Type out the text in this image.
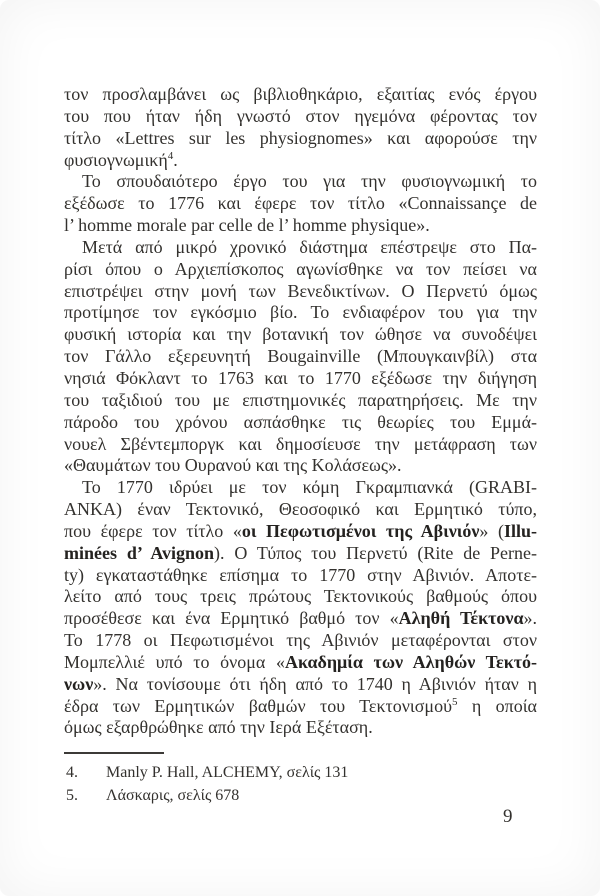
τον προσλαμβάνει ως βιβλιοθηκάριο, εξαιτίας ενός έργου
του που ήταν ήδη γνωστό στον ηγεμόνα φέροντας τον
τίτλο «Lettres sur les physiognomes» και αφορούσε την
φυσιογνωμική$^4$.
Το σπουδαιότερο έργο του για την φυσιογνωμική το
εξέδωσε το 1776 και έφερε τον τίτλο «Connaissançe de
l’ homme morale par celle de l’ homme physique».
Μετά από μικρό χρονικό διάστημα επέστρεψε στο Πα-
ρίσι όπου ο Αρχιεπίσκοπος αγωνίσθηκε να τον πείσει να
επιστρέψει στην μονή των Βενεδικτίνων. Ο Περνετύ όμως
προτίμησε τον εγκόσμιο βίο. Το ενδιαφέρον του για την
φυσική ιστορία και την βοτανική τον ώθησε να συνοδέψει
τον Γάλλο εξερευνητή Bougainville (Μπουγκαινβίλ) στα
νησιά Φόκλαντ το 1763 και το 1770 εξέδωσε την διήγηση
του ταξιδιού του με επιστημονικές παρατηρήσεις. Με την
πάροδο του χρόνου ασπάσθηκε τις θεωρίες του Εμμά-
νουελ Σβέντεμποργκ και δημοσίευσε την μετάφραση των
«Θαυμάτων του Ουρανού και της Κολάσεως».
Το 1770 ιδρύει με τον κόμη Γκραμπιανκά (GRABI-
ANKA) έναν Τεκτονικό, Θεοσοφικό και Ερμητικό τύπο,
που έφερε τον τίτλο «οι Πεφωτισμένοι της Αβινιόν» (Illu-
minées d’ Avignon). Ο Τύπος του Περνετύ (Rite de Perne-
ty) εγκαταστάθηκε επίσημα το 1770 στην Αβινιόν. Αποτε-
λείτο από τους τρεις πρώτους Τεκτονικούς βαθμούς όπου
προσέθεσε και ένα Ερμητικό βαθμό τον «Αληθή Τέκτονα».
Το 1778 οι Πεφωτισμένοι της Αβινιόν μεταφέρονται στον
Μομπελλιέ υπό το όνομα «Ακαδημία των Αληθών Τεκτό-
νων». Να τονίσουμε ότι ήδη από το 1740 η Αβινιόν ήταν η
έδρα των Ερμητικών βαθμών του Τεκτονισμού$^5$ η οποία
όμως εξαρθρώθηκε από την Ιερά Εξέταση.
4.	Manly P. Hall, ALCHEMY, σελίς 131
5.	Λάσκαρις, σελίς 678
9
